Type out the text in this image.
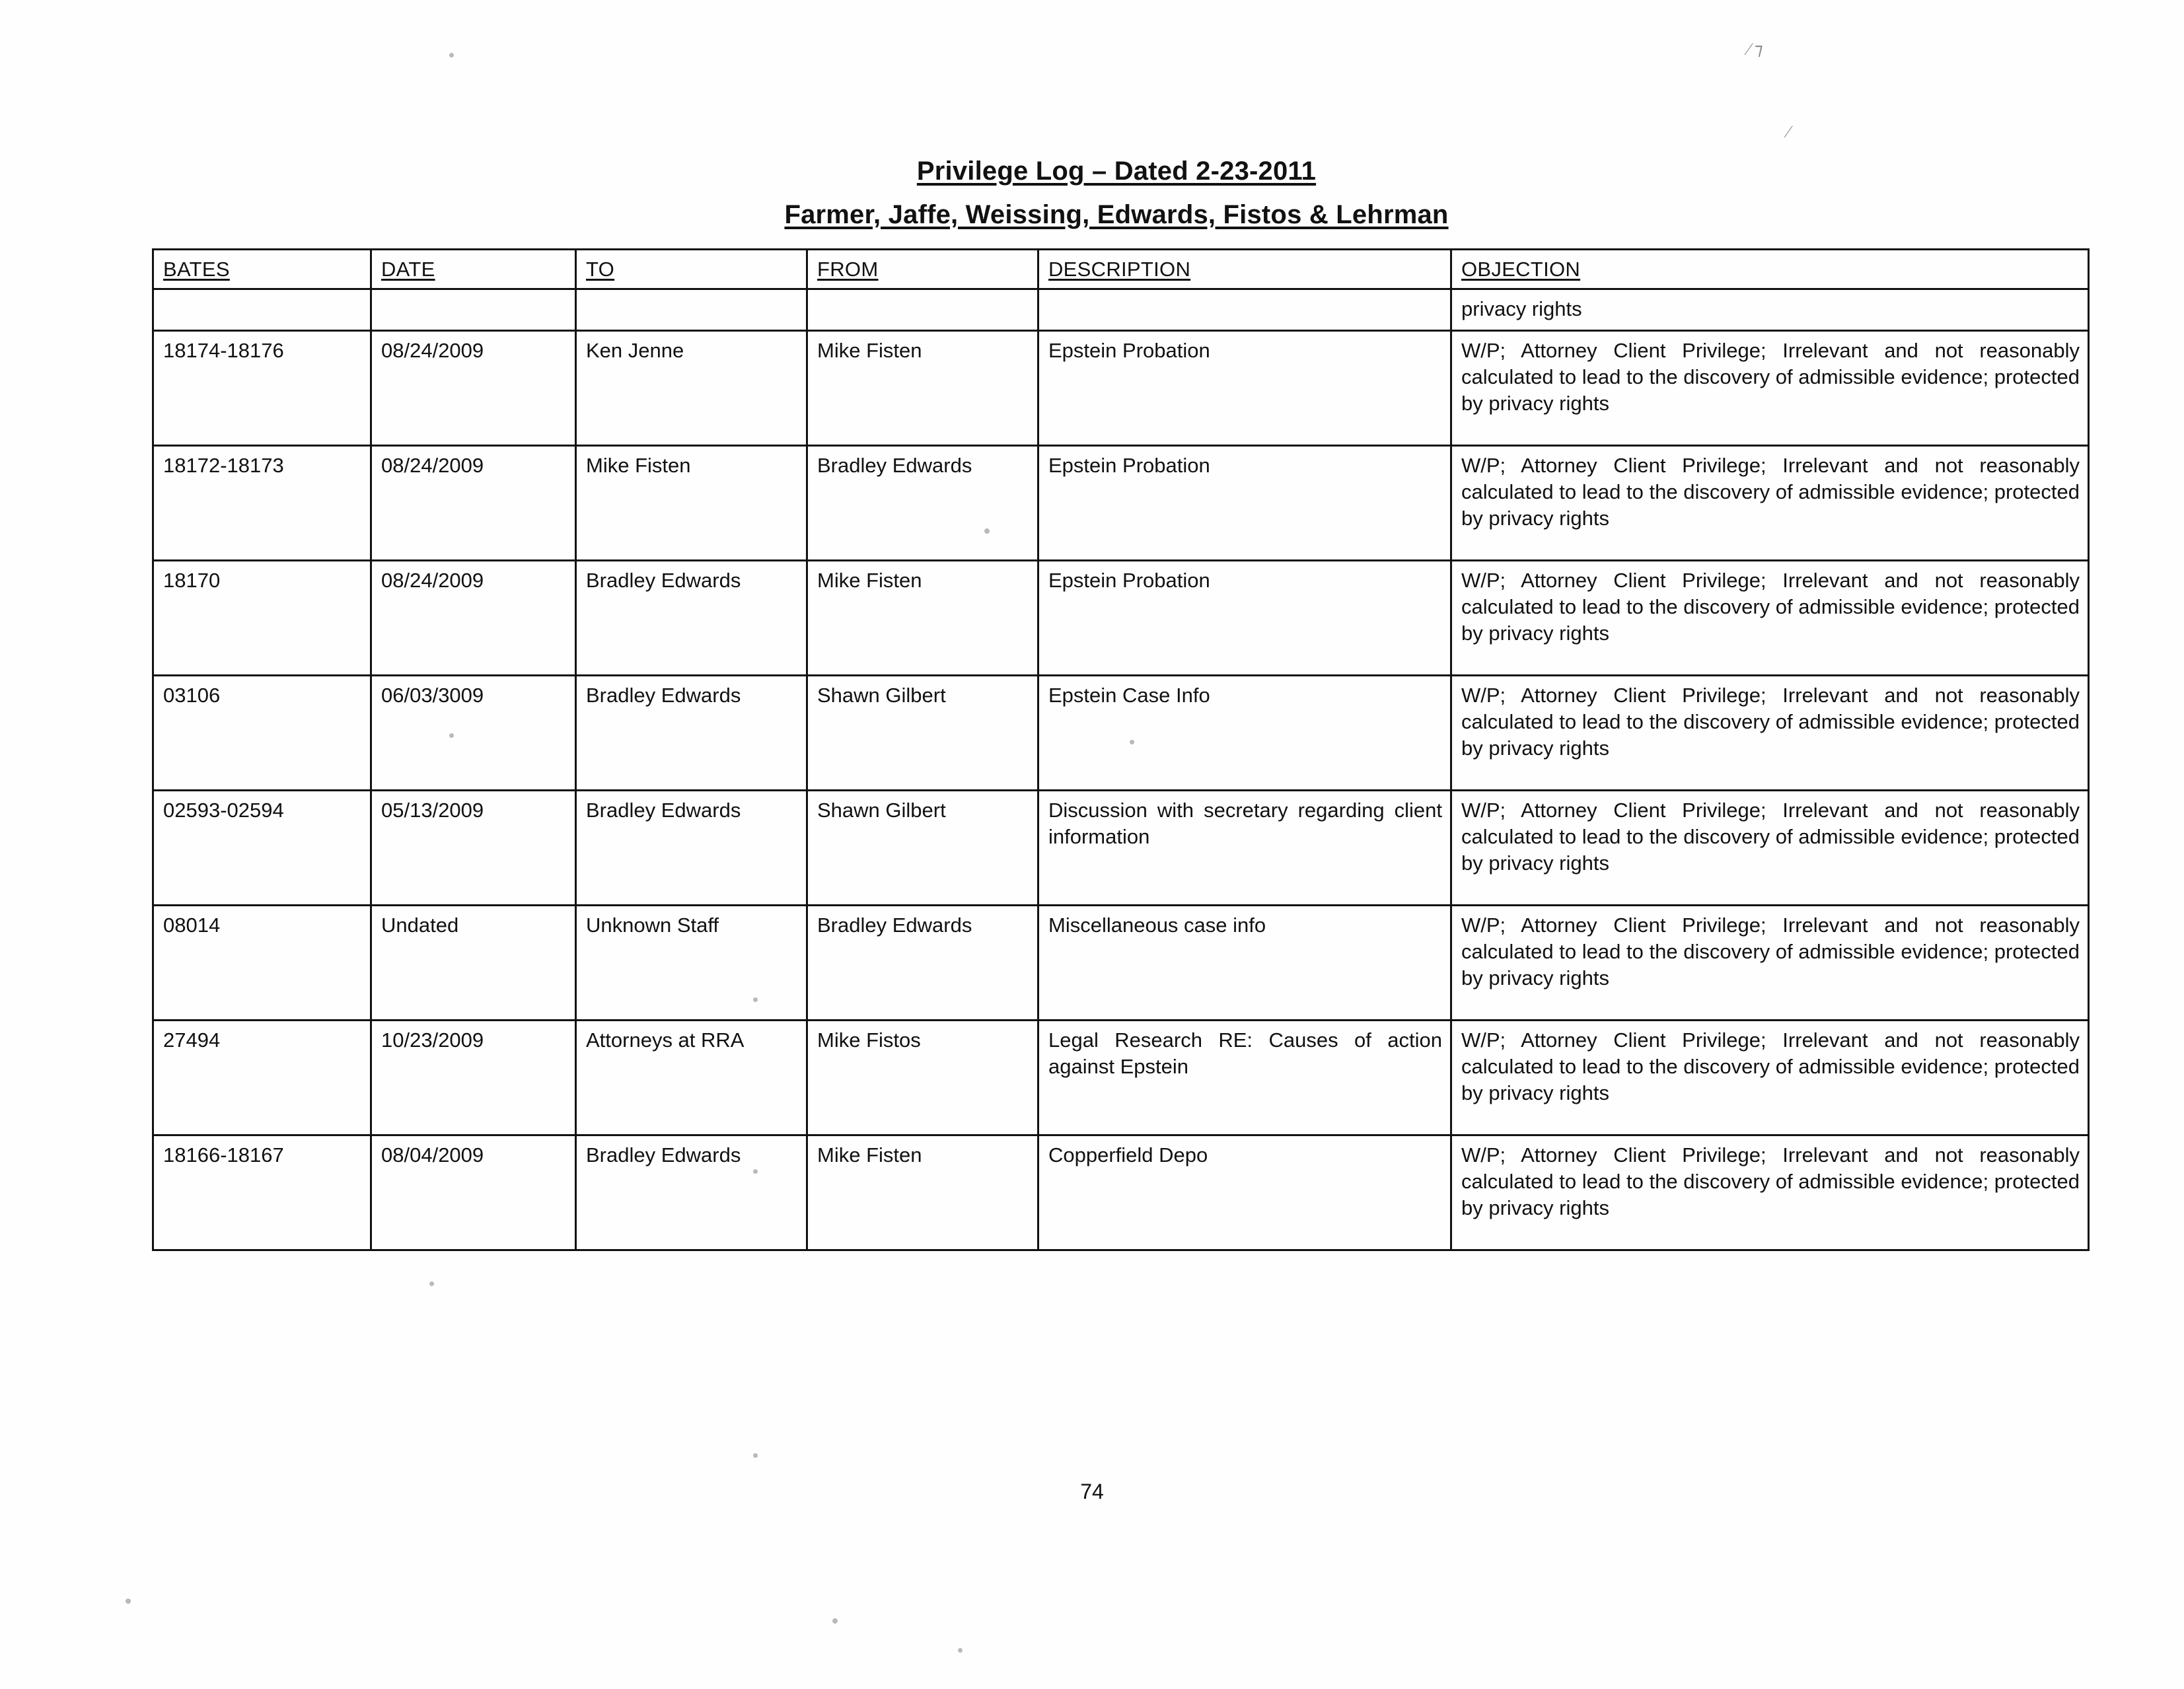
⁄ ⁊
⁄
Privilege Log – Dated 2-23-2011
Farmer, Jaffe, Weissing, Edwards, Fistos & Lehrman
BATES	DATE	TO	FROM	DESCRIPTION	OBJECTION
					privacy rights
18174-18176	08/24/2009	Ken Jenne	Mike Fisten	Epstein Probation	W/P; Attorney Client Privilege; Irrelevant and not reasonably calculated to lead to the discovery of admissible evidence; protected by privacy rights
18172-18173	08/24/2009	Mike Fisten	Bradley Edwards	Epstein Probation	W/P; Attorney Client Privilege; Irrelevant and not reasonably calculated to lead to the discovery of admissible evidence; protected by privacy rights
18170	08/24/2009	Bradley Edwards	Mike Fisten	Epstein Probation	W/P; Attorney Client Privilege; Irrelevant and not reasonably calculated to lead to the discovery of admissible evidence; protected by privacy rights
03106	06/03/3009	Bradley Edwards	Shawn Gilbert	Epstein Case Info	W/P; Attorney Client Privilege; Irrelevant and not reasonably calculated to lead to the discovery of admissible evidence; protected by privacy rights
02593-02594	05/13/2009	Bradley Edwards	Shawn Gilbert	Discussion with secretary regarding client information	W/P; Attorney Client Privilege; Irrelevant and not reasonably calculated to lead to the discovery of admissible evidence; protected by privacy rights
08014	Undated	Unknown Staff	Bradley Edwards	Miscellaneous case info	W/P; Attorney Client Privilege; Irrelevant and not reasonably calculated to lead to the discovery of admissible evidence; protected by privacy rights
27494	10/23/2009	Attorneys at RRA	Mike Fistos	Legal Research RE: Causes of action against Epstein	W/P; Attorney Client Privilege; Irrelevant and not reasonably calculated to lead to the discovery of admissible evidence; protected by privacy rights
18166-18167	08/04/2009	Bradley Edwards	Mike Fisten	Copperfield Depo	W/P; Attorney Client Privilege; Irrelevant and not reasonably calculated to lead to the discovery of admissible evidence; protected by privacy rights
74
